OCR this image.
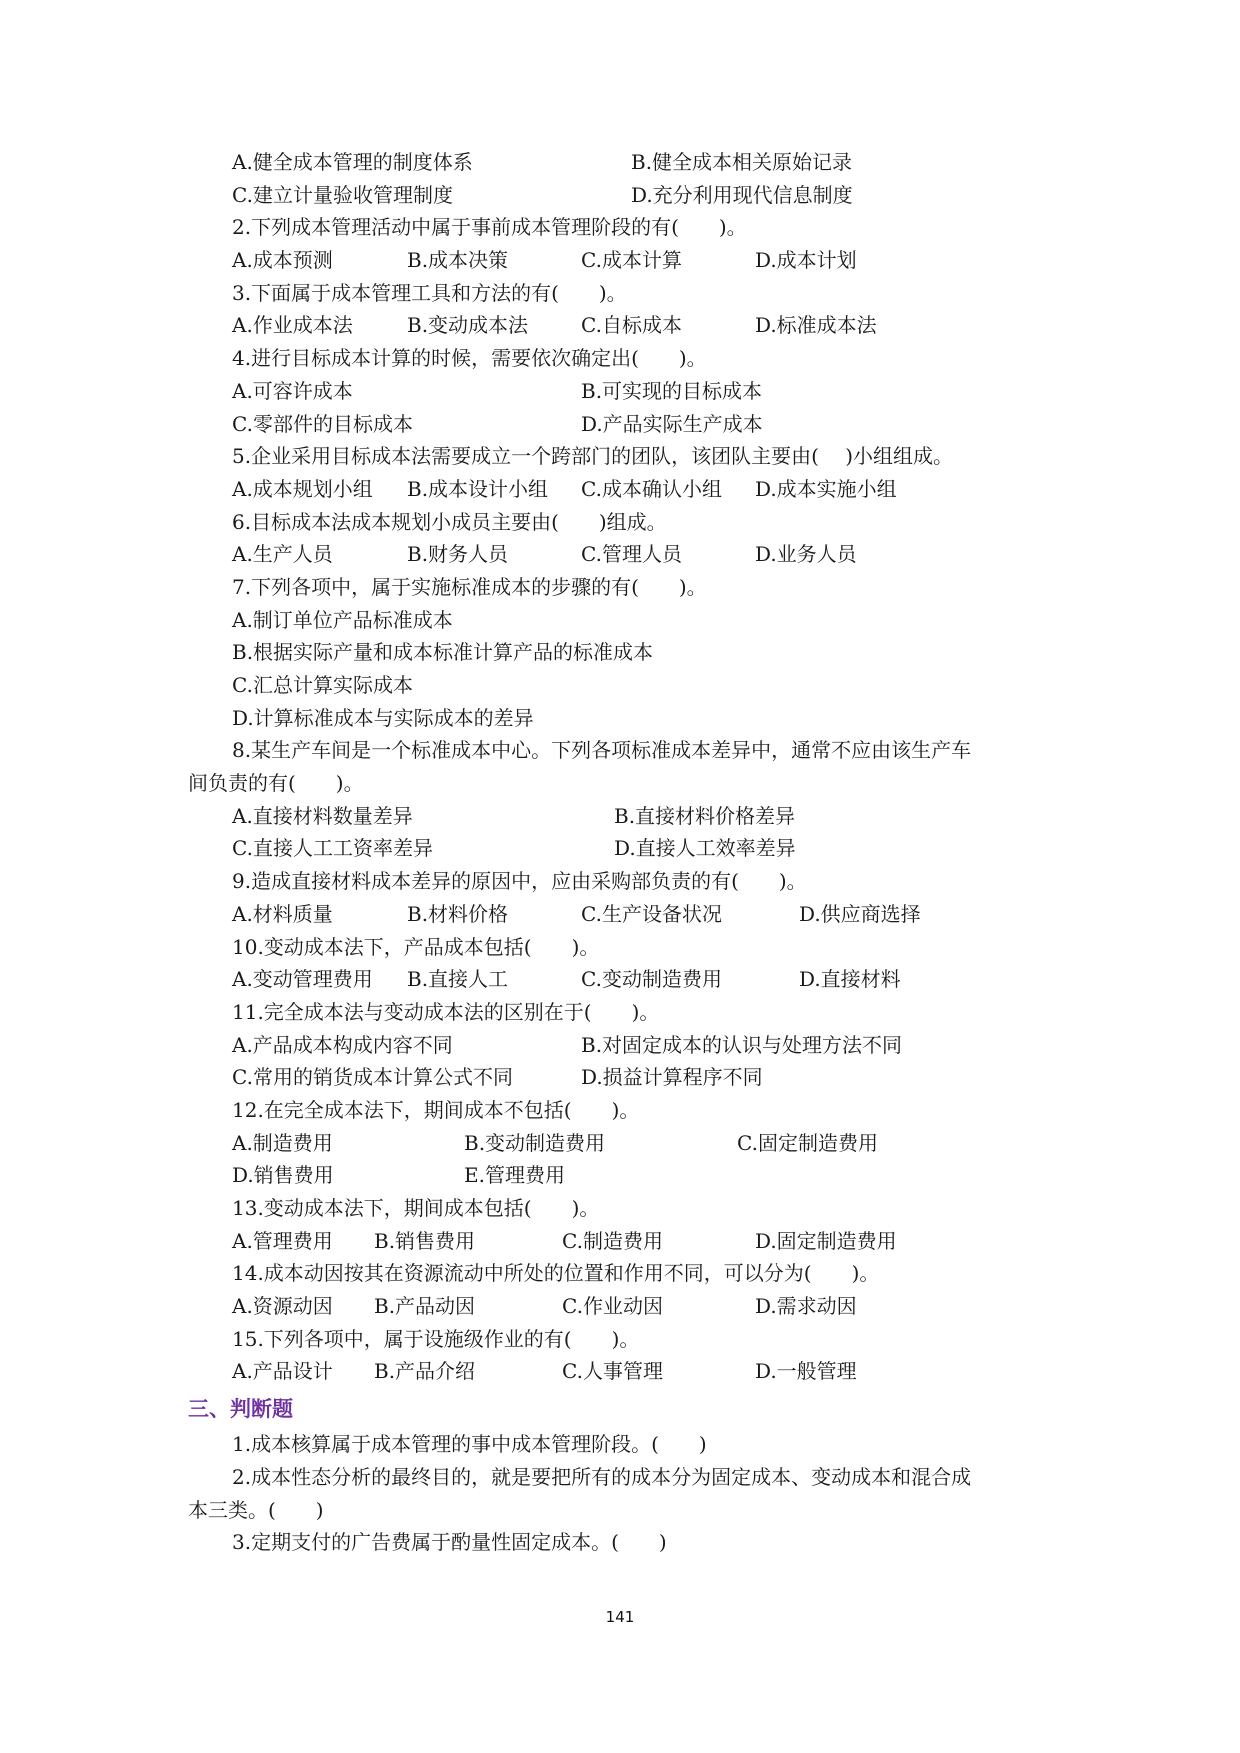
A.健全成本管理的制度体系	B.健全成本相关原始记录
C.建立计量验收管理制度	D.充分利用现代信息制度
2.下列成本管理活动中属于事前成本管理阶段的有(　　)。
A.成本预测	B.成本决策	C.成本计算	D.成本计划
3.下面属于成本管理工具和方法的有(　　)。
A.作业成本法	B.变动成本法	C.自标成本	D.标准成本法
4.进行目标成本计算的时候，需要依次确定出(　　)。
A.可容许成本	B.可实现的目标成本
C.零部件的目标成本	D.产品实际生产成本
5.企业采用目标成本法需要成立一个跨部门的团队，该团队主要由(　 )小组组成。
A.成本规划小组 B.成本设计小组 C.成本确认小组 D.成本实施小组
6.目标成本法成本规划小成员主要由(　　)组成。
A.生产人员	B.财务人员	C.管理人员	D.业务人员
7.下列各项中，属于实施标准成本的步骤的有(　　)。
A.制订单位产品标准成本
B.根据实际产量和成本标准计算产品的标准成本
C.汇总计算实际成本
D.计算标准成本与实际成本的差异
8.某生产车间是一个标准成本中心。下列各项标准成本差异中，通常不应由该生产车
间负责的有(　　)。
A.直接材料数量差异	B.直接材料价格差异
C.直接人工工资率差异	D.直接人工效率差异
9.造成直接材料成本差异的原因中，应由采购部负责的有(　　)。
A.材料质量	B.材料价格	C.生产设备状况	D.供应商选择
10.变动成本法下，产品成本包括(　　)。
A.变动管理费用 B.直接人工	C.变动制造费用	D.直接材料
11.完全成本法与变动成本法的区别在于(　　)。
A.产品成本构成内容不同	B.对固定成本的认识与处理方法不同
C.常用的销货成本计算公式不同	D.损益计算程序不同
12.在完全成本法下，期间成本不包括(　　)。
A.制造费用	B.变动制造费用	C.固定制造费用
D.销售费用	E.管理费用
13.变动成本法下，期间成本包括(　　)。
A.管理费用 B.销售费用	C.制造费用	D.固定制造费用
14.成本动因按其在资源流动中所处的位置和作用不同，可以分为(　　)。
A.资源动因 B.产品动因	C.作业动因	D.需求动因
15.下列各项中，属于设施级作业的有(　　)。
A.产品设计 B.产品介绍	C.人事管理	D.一般管理
三、判断题
1.成本核算属于成本管理的事中成本管理阶段。(　　)
2.成本性态分析的最终目的，就是要把所有的成本分为固定成本、变动成本和混合成
本三类。(　　)
3.定期支付的广告费属于酌量性固定成本。(　　)
141
